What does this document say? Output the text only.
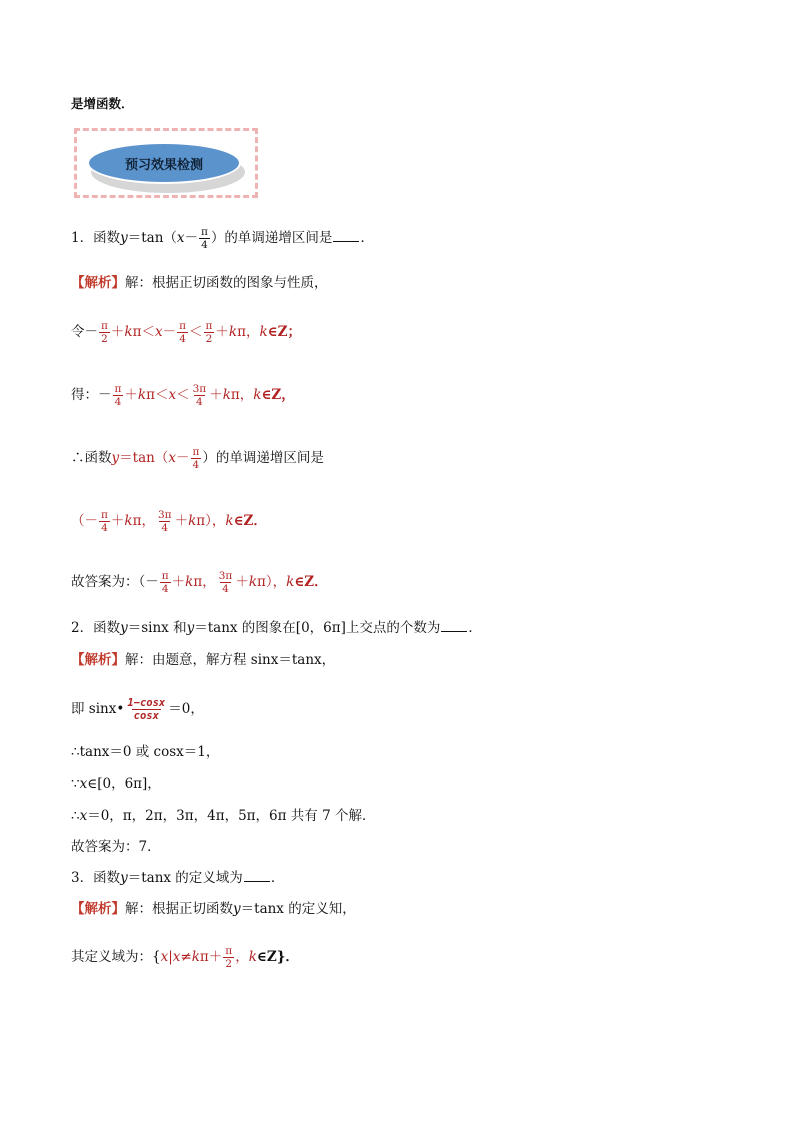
是增函数．
预习效果检测
1．函数$y=\tan(x- \frac{\pi}{4}$ ）的单调递增区间是 ．
【解析】解：根据正切函数的图象与性质，
令－ $\frac{\pi}{2} +k\pi<x- \frac{\pi}{4} < \frac{\pi}{2} +k\pi$，k∈Z；
得：－ $\frac{\pi}{4} +k\pi<x< \frac{3\pi}{4} +k\pi$，k∈Z，
∴函数$y=\tan(x- \frac{\pi}{4}$ ）的单调递增区间是
（－ $\frac{\pi}{4} +k\pi$， $\frac{3\pi}{4} +k\pi$），k∈Z．
故答案为：（－ $\frac{\pi}{4} +k\pi$， $\frac{3\pi}{4} +k\pi$），k∈Z．
2．函数y＝sinx 和y＝tanx 的图象在[0，6π]上交点的个数为 ．
【解析】解：由题意，解方程 sinx＝tanx，
即 sinx• $\frac{1-\cos x}{\cos x} =0$，
∴tanx＝0 或 cosx＝1，
∵x∈[0，6π]，
∴x＝0，π，2π，3π，4π，5π，6π 共有 7 个解．
故答案为：7．
3．函数y＝tanx 的定义域为 ．
【解析】解：根据正切函数y＝tanx 的定义知，
其定义域为：{$x|x\ne k\pi+ \frac{\pi}{2}$ ，k∈Z}．
